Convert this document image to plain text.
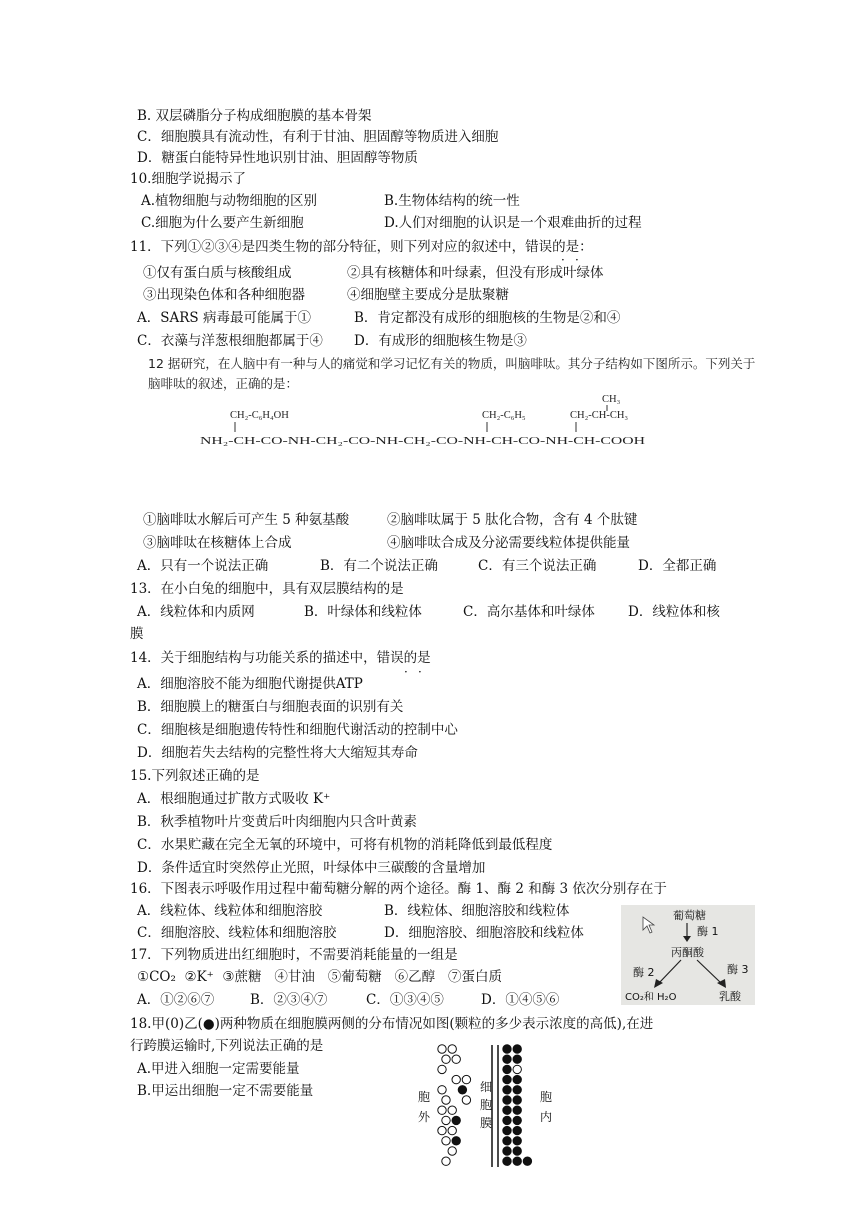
B. 双层磷脂分子构成细胞膜的基本骨架
C．细胞膜具有流动性，有利于甘油、胆固醇等物质进入细胞
D．糖蛋白能特异性地识别甘油、胆固醇等物质
10.细胞学说揭示了
A.植物细胞与动物细胞的区别	B.生物体结构的统一性
C.细胞为什么要产生新细胞	D.人们对细胞的认识是一个艰难曲折的过程
11．下列①②③④是四类生物的部分特征，则下列对应的叙述中，错误的是：
· ·
①仅有蛋白质与核酸组成	②具有核糖体和叶绿素，但没有形成叶绿体
③出现染色体和各种细胞器	④细胞壁主要成分是肽聚糖
A．SARS 病毒最可能属于①	B．肯定都没有成形的细胞核的生物是②和④
C．衣藻与洋葱根细胞都属于④ D．有成形的细胞核生物是③
12 据研究，在人脑中有一种与人的痛觉和学习记忆有关的物质，叫脑啡呔。其分子结构如下图所示。下列关于
脑啡呔的叙述，正确的是：
CH₂-C₆H₄OH	CH₂-C₆H₅
CH₃
CH₂-CH-CH₃
NH₂-CH-CO-NH-CH₂-CO-NH-CH₂-CO-NH-CH-CO-NH-CH-COOH
①脑啡呔水解后可产生 5 种氨基酸	②脑啡呔属于 5 肽化合物，含有 4 个肽键
③脑啡呔在核糖体上合成	④脑啡呔合成及分泌需要线粒体提供能量
A．只有一个说法正确	B．有二个说法正确	C．有三个说法正确	D．全都正确
13．在小白兔的细胞中，具有双层膜结构的是
A．线粒体和内质网	B．叶绿体和线粒体	C．高尔基体和叶绿体 D．线粒体和核
膜
14．关于细胞结构与功能关系的描述中，错误的是
· ·
A．细胞溶胶不能为细胞代谢提供ATP
B．细胞膜上的糖蛋白与细胞表面的识别有关
C．细胞核是细胞遗传特性和细胞代谢活动的控制中心
D．细胞若失去结构的完整性将大大缩短其寿命
15.下列叙述正确的是
A．根细胞通过扩散方式吸收 K⁺
B．秋季植物叶片变黄后叶肉细胞内只含叶黄素
C．水果贮藏在完全无氧的环境中，可将有机物的消耗降低到最低程度
D．条件适宜时突然停止光照，叶绿体中三碳酸的含量增加
16．下图表示呼吸作用过程中葡萄糖分解的两个途径。酶 1、酶 2 和酶 3 依次分别存在于
A．线粒体、线粒体和细胞溶胶	B．线粒体、细胞溶胶和线粒体
C．细胞溶胶、线粒体和细胞溶胶	D．细胞溶胶、细胞溶胶和线粒体
葡萄糖
酶 1
丙酮酸
酶 2	酶 3
CO₂和 H₂O	乳酸
17．下列物质进出红细胞时，不需要消耗能量的一组是
①CO₂  ②K⁺  ③蔗糖   ④甘油   ⑤葡萄糖   ⑥乙醇   ⑦蛋白质
A．①②⑥⑦	B．②③④⑦	C．①③④⑤	D．①④⑤⑥
18.甲(0)乙(●)两种物质在细胞膜两侧的分布情况如图(颗粒的多少表示浓度的高低),在进
行跨膜运输时,下列说法正确的是
A.甲进入细胞一定需要能量
B.甲运出细胞一定不需要能量	胞
外
细
胞
膜
胞
内
